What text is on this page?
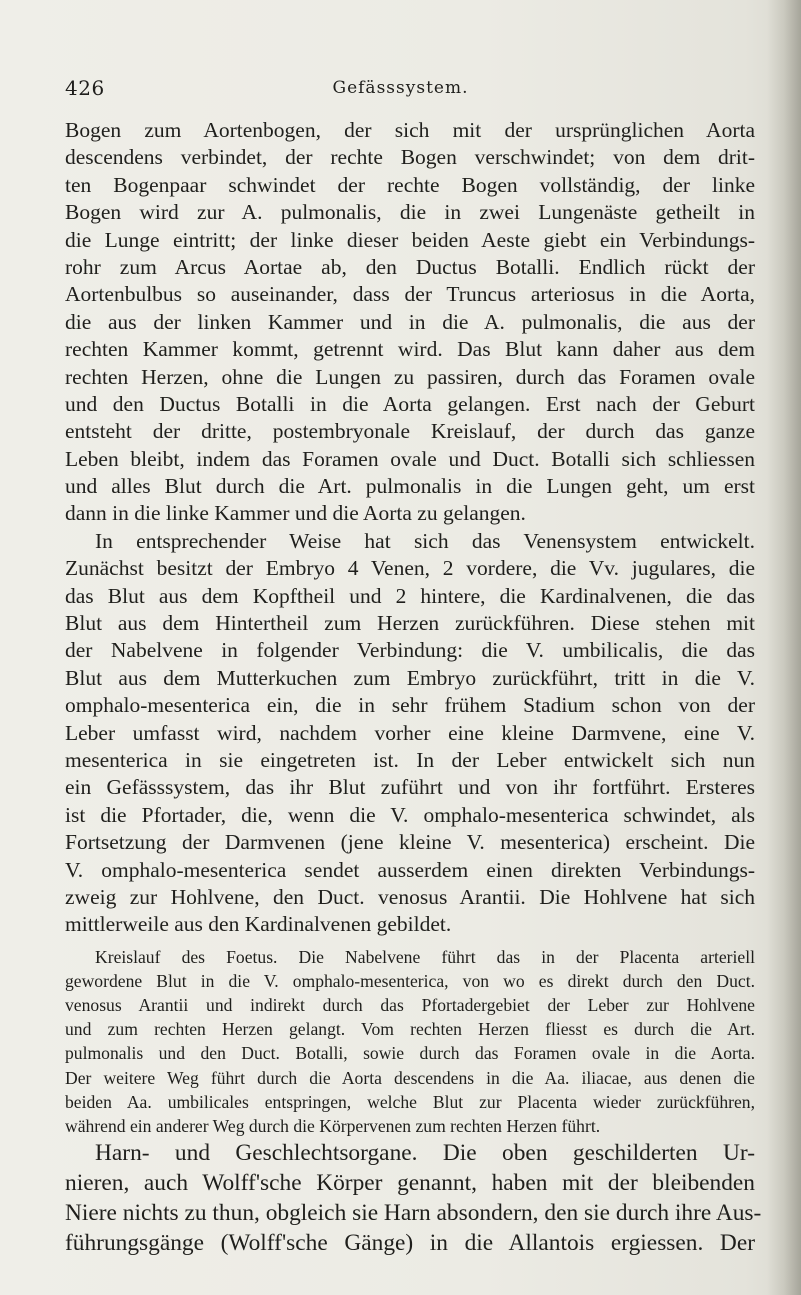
426	Gefässsystem.
Bogen zum Aortenbogen, der sich mit der ursprünglichen Aorta
descendens verbindet, der rechte Bogen verschwindet; von dem drit-
ten Bogenpaar schwindet der rechte Bogen vollständig, der linke
Bogen wird zur A. pulmonalis, die in zwei Lungenäste getheilt in
die Lunge eintritt; der linke dieser beiden Aeste giebt ein Verbindungs-
rohr zum Arcus Aortae ab, den Ductus Botalli. Endlich rückt der
Aortenbulbus so auseinander, dass der Truncus arteriosus in die Aorta,
die aus der linken Kammer und in die A. pulmonalis, die aus der
rechten Kammer kommt, getrennt wird. Das Blut kann daher aus dem
rechten Herzen, ohne die Lungen zu passiren, durch das Foramen ovale
und den Ductus Botalli in die Aorta gelangen. Erst nach der Geburt
entsteht der dritte, postembryonale Kreislauf, der durch das ganze
Leben bleibt, indem das Foramen ovale und Duct. Botalli sich schliessen
und alles Blut durch die Art. pulmonalis in die Lungen geht, um erst
dann in die linke Kammer und die Aorta zu gelangen.
In entsprechender Weise hat sich das Venensystem entwickelt.
Zunächst besitzt der Embryo 4 Venen, 2 vordere, die Vv. jugulares, die
das Blut aus dem Kopftheil und 2 hintere, die Kardinalvenen, die das
Blut aus dem Hintertheil zum Herzen zurückführen. Diese stehen mit
der Nabelvene in folgender Verbindung: die V. umbilicalis, die das
Blut aus dem Mutterkuchen zum Embryo zurückführt, tritt in die V.
omphalo-mesenterica ein, die in sehr frühem Stadium schon von der
Leber umfasst wird, nachdem vorher eine kleine Darmvene, eine V.
mesenterica in sie eingetreten ist. In der Leber entwickelt sich nun
ein Gefässsystem, das ihr Blut zuführt und von ihr fortführt. Ersteres
ist die Pfortader, die, wenn die V. omphalo-mesenterica schwindet, als
Fortsetzung der Darmvenen (jene kleine V. mesenterica) erscheint. Die
V. omphalo-mesenterica sendet ausserdem einen direkten Verbindungs-
zweig zur Hohlvene, den Duct. venosus Arantii. Die Hohlvene hat sich
mittlerweile aus den Kardinalvenen gebildet.
Kreislauf des Foetus. Die Nabelvene führt das in der Placenta arteriell
gewordene Blut in die V. omphalo-mesenterica, von wo es direkt durch den Duct.
venosus Arantii und indirekt durch das Pfortadergebiet der Leber zur Hohlvene
und zum rechten Herzen gelangt. Vom rechten Herzen fliesst es durch die Art.
pulmonalis und den Duct. Botalli, sowie durch das Foramen ovale in die Aorta.
Der weitere Weg führt durch die Aorta descendens in die Aa. iliacae, aus denen die
beiden Aa. umbilicales entspringen, welche Blut zur Placenta wieder zurückführen,
während ein anderer Weg durch die Körpervenen zum rechten Herzen führt.
Harn- und Geschlechtsorgane. Die oben geschilderten Ur-
nieren, auch Wolff'sche Körper genannt, haben mit der bleibenden
Niere nichts zu thun, obgleich sie Harn absondern, den sie durch ihre Aus-
führungsgänge (Wolff'sche Gänge) in die Allantois ergiessen. Der
